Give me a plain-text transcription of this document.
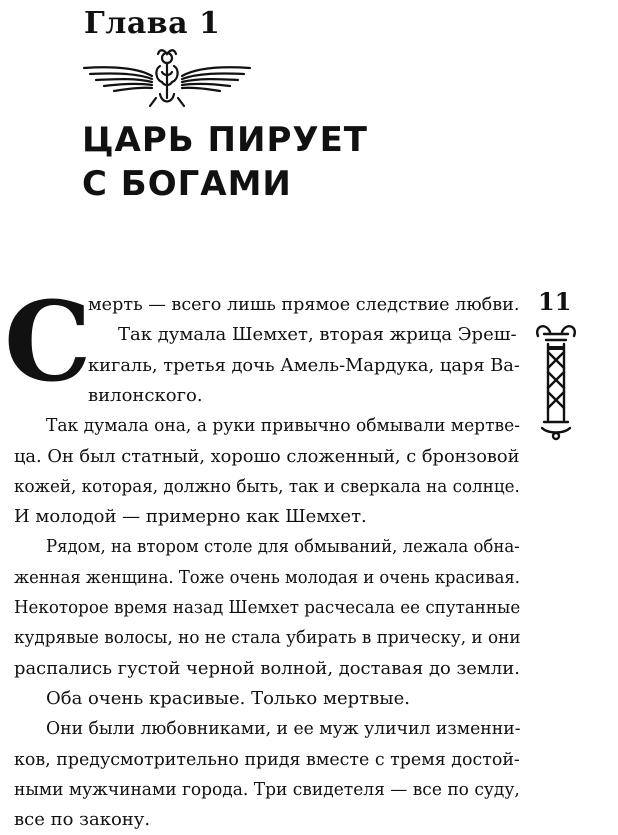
Глава 1
ЦАРЬ ПИРУЕТ
С БОГАМИ
11
С
мерть — всего лишь прямое следствие любви.
Так думала Шемхет, вторая жрица Эреш-
кигаль, третья дочь Амель-Мардука, царя Ва-
вилонского.
Так думала она, а руки привычно обмывали мертве-
ца. Он был статный, хорошо сложенный, с бронзовой
кожей, которая, должно быть, так и сверкала на солнце.
И молодой — примерно как Шемхет.
Рядом, на втором столе для обмываний, лежала обна-
женная женщина. Тоже очень молодая и очень красивая.
Некоторое время назад Шемхет расчесала ее спутанные
кудрявые волосы, но не стала убирать в прическу, и они
распались густой черной волной, доставая до земли.
Оба очень красивые. Только мертвые.
Они были любовниками, и ее муж уличил изменни-
ков, предусмотрительно придя вместе с тремя достой-
ными мужчинами города. Три свидетеля — все по суду,
все по закону.
